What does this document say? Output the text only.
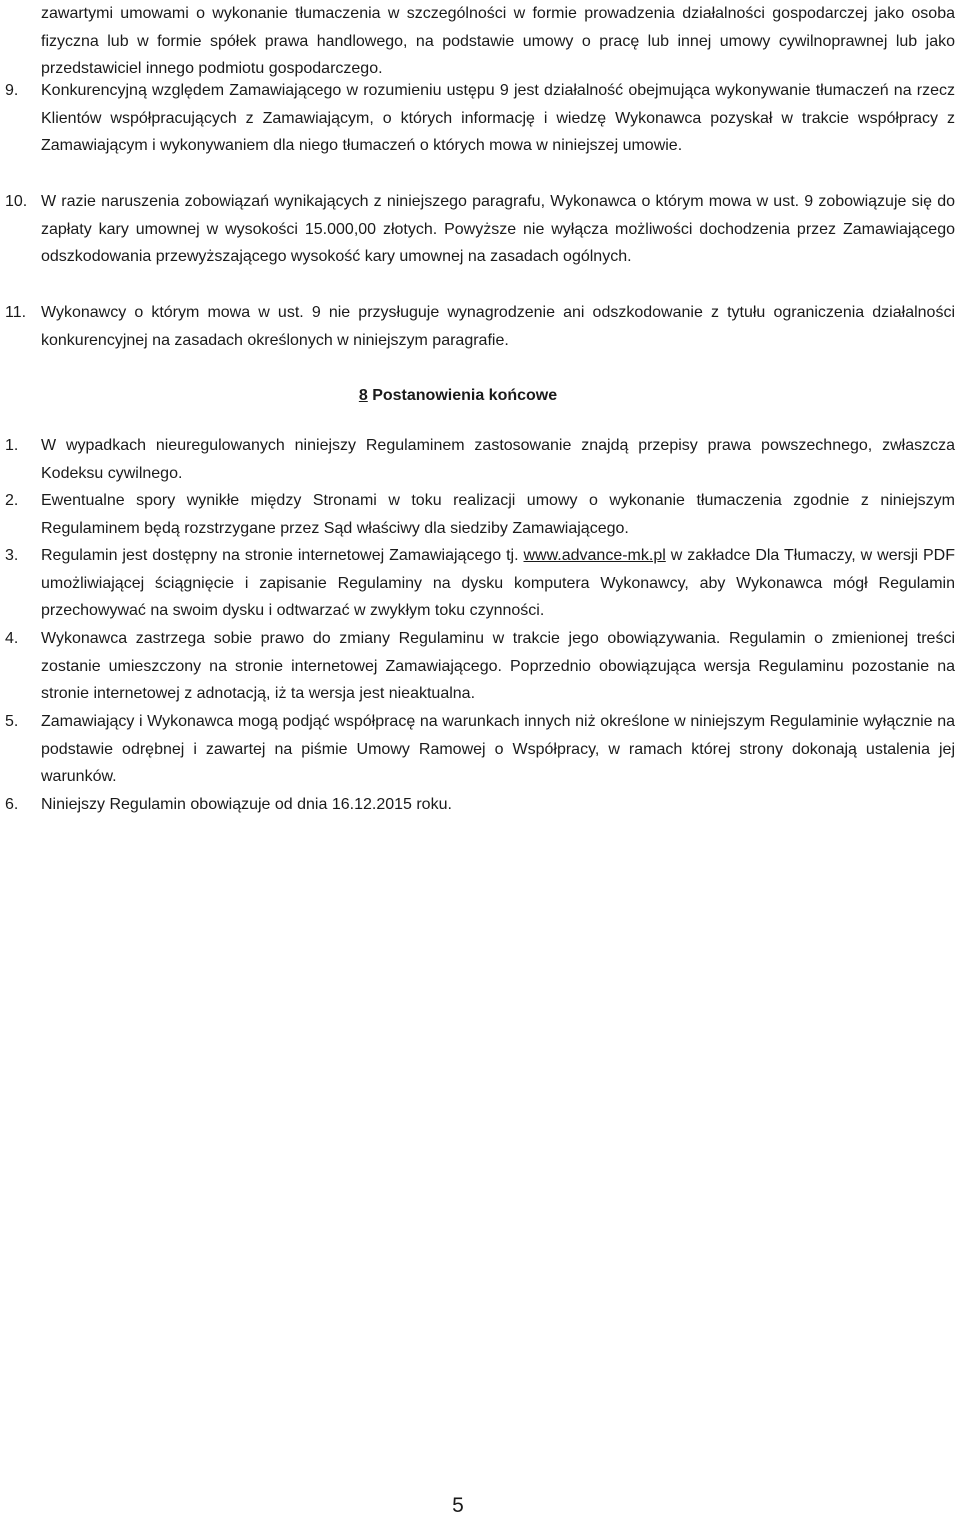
zawartymi umowami o wykonanie tłumaczenia w szczególności w formie prowadzenia działalności gospodarczej jako osoba fizyczna lub w formie spółek prawa handlowego, na podstawie umowy o pracę lub innej umowy cywilnoprawnej lub jako przedstawiciel innego podmiotu gospodarczego.
9.	Konkurencyjną względem Zamawiającego w rozumieniu ustępu 9 jest działalność obejmująca wykonywanie tłumaczeń na rzecz Klientów współpracujących z Zamawiającym, o których informację i wiedzę Wykonawca pozyskał w trakcie współpracy z Zamawiającym i wykonywaniem dla niego tłumaczeń o których mowa w niniejszej umowie.
10. W razie naruszenia zobowiązań wynikających z niniejszego paragrafu, Wykonawca o którym mowa w ust. 9 zobowiązuje się do zapłaty kary umownej w wysokości 15.000,00 złotych. Powyższe nie wyłącza możliwości dochodzenia przez Zamawiającego odszkodowania przewyższającego wysokość kary umownej na zasadach ogólnych.
11. Wykonawcy o którym mowa w ust. 9 nie przysługuje wynagrodzenie ani odszkodowanie z tytułu ograniczenia działalności konkurencyjnej na zasadach określonych w niniejszym paragrafie.
8 Postanowienia końcowe
1.	W wypadkach nieuregulowanych niniejszy Regulaminem zastosowanie znajdą przepisy prawa powszechnego, zwłaszcza Kodeksu cywilnego.
2.	Ewentualne spory wynikłe między Stronami w toku realizacji umowy o wykonanie tłumaczenia zgodnie z niniejszym Regulaminem będą rozstrzygane przez Sąd właściwy dla siedziby Zamawiającego.
3.	Regulamin jest dostępny na stronie internetowej Zamawiającego tj. www.advance-mk.pl w zakładce Dla Tłumaczy, w wersji PDF umożliwiającej ściągnięcie i zapisanie Regulaminy na dysku komputera Wykonawcy, aby Wykonawca mógł Regulamin przechowywać na swoim dysku i odtwarzać w zwykłym toku czynności.
4.	Wykonawca zastrzega sobie prawo do zmiany Regulaminu w trakcie jego obowiązywania. Regulamin o zmienionej treści zostanie umieszczony na stronie internetowej Zamawiającego. Poprzednio obowiązująca wersja Regulaminu pozostanie na stronie internetowej z adnotacją, iż ta wersja jest nieaktualna.
5.	Zamawiający i Wykonawca mogą podjąć współpracę na warunkach innych niż określone w niniejszym Regulaminie wyłącznie na podstawie odrębnej i zawartej na piśmie Umowy Ramowej o Współpracy, w ramach której strony dokonają ustalenia jej warunków.
6.	Niniejszy Regulamin obowiązuje od dnia 16.12.2015 roku.
5
